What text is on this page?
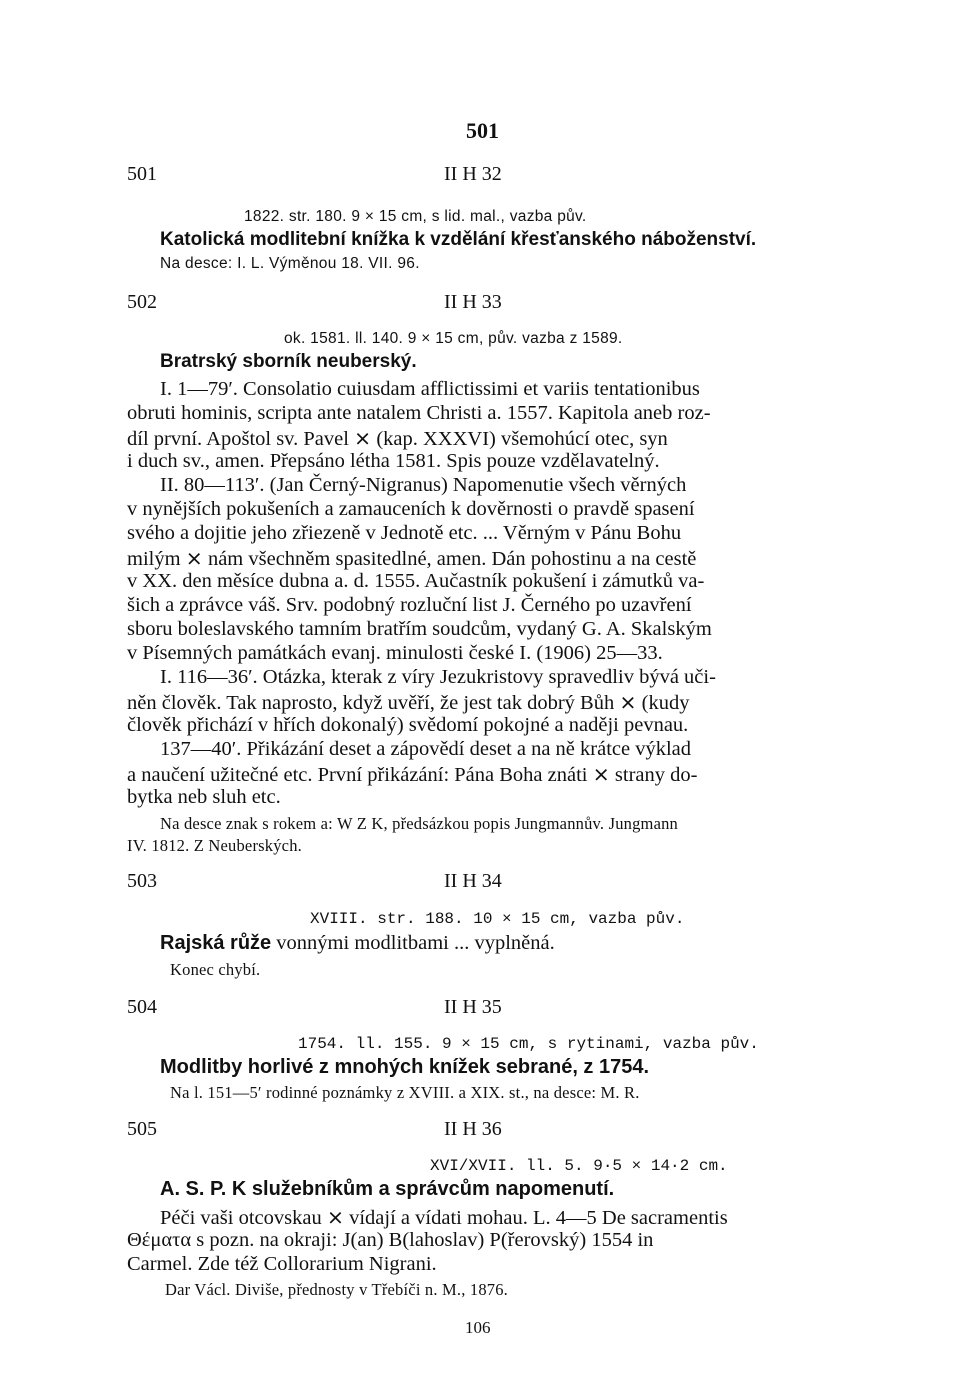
501
501	II H 32
1822. str. 180. 9 × 15 cm, s lid. mal., vazba pův.
Katolická modlitební knížka k vzdělání křesťanského náboženství.
Na desce: I. L. Výměnou 18. VII. 96.
502	II H 33
ok. 1581. ll. 140. 9 × 15 cm, pův. vazba z 1589.
Bratrský sborník neuberský.
I. 1—79′. Consolatio cuiusdam afflictissimi et variis tentationibus
obruti hominis, scripta ante natalem Christi a. 1557. Kapitola aneb roz-
díl první. Apoštol sv. Pavel ⨯ (kap. XXXVI) všemohúcí otec, syn
i duch sv., amen. Přepsáno létha 1581. Spis pouze vzdělavatelný.
II. 80—113′. (Jan Černý-Nigranus) Napomenutie všech věrných
v nynějších pokušeních a zamauceních k dověrnosti o pravdě spasení
svého a dojitie jeho zřiezeně v Jednotě etc. ... Věrným v Pánu Bohu
milým ⨯ nám všechněm spasitedlné, amen. Dán pohostinu a na cestě
v XX. den měsíce dubna a. d. 1555. Aučastník pokušení i zámutků va-
šich a zprávce váš. Srv. podobný rozluční list J. Černého po uzavření
sboru boleslavského tamním bratřím soudcům, vydaný G. A. Skalským
v Písemných památkách evanj. minulosti české I. (1906) 25—33.
I. 116—36′. Otázka, kterak z víry Jezukristovy spravedliv bývá uči-
něn člověk. Tak naprosto, když uvěří, že jest tak dobrý Bůh ⨯ (kudy
člověk přichází v hřích dokonalý) svědomí pokojné a naději pevnau.
137—40′. Přikázání deset a zápovědí deset a na ně krátce výklad
a naučení užitečné etc. První přikázání: Pána Boha znáti ⨯ strany do-
bytka neb sluh etc.
Na desce znak s rokem a: W Z K, předsázkou popis Jungmannův. Jungmann
IV. 1812. Z Neuberských.
503	II H 34
XVIII. str. 188. 10 × 15 cm, vazba pův.
Rajská růže vonnými modlitbami ... vyplněná.
Konec chybí.
504	II H 35
1754. ll. 155. 9 × 15 cm, s rytinami, vazba pův.
Modlitby horlivé z mnohých knížek sebrané, z 1754.
Na l. 151—5′ rodinné poznámky z XVIII. a XIX. st., na desce: M. R.
505	II H 36
XVI/XVII. ll. 5. 9·5 × 14·2 cm.
A. S. P. K služebníkům a správcům napomenutí.
Péči vaši otcovskau ⨯ vídají a vídati mohau. L. 4—5 De sacramentis
Θέματα s pozn. na okraji: J(an) B(lahoslav) P(řerovský) 1554 in
Carmel. Zde též Collorarium Nigrani.
Dar Václ. Diviše, přednosty v Třebíči n. M., 1876.
106
